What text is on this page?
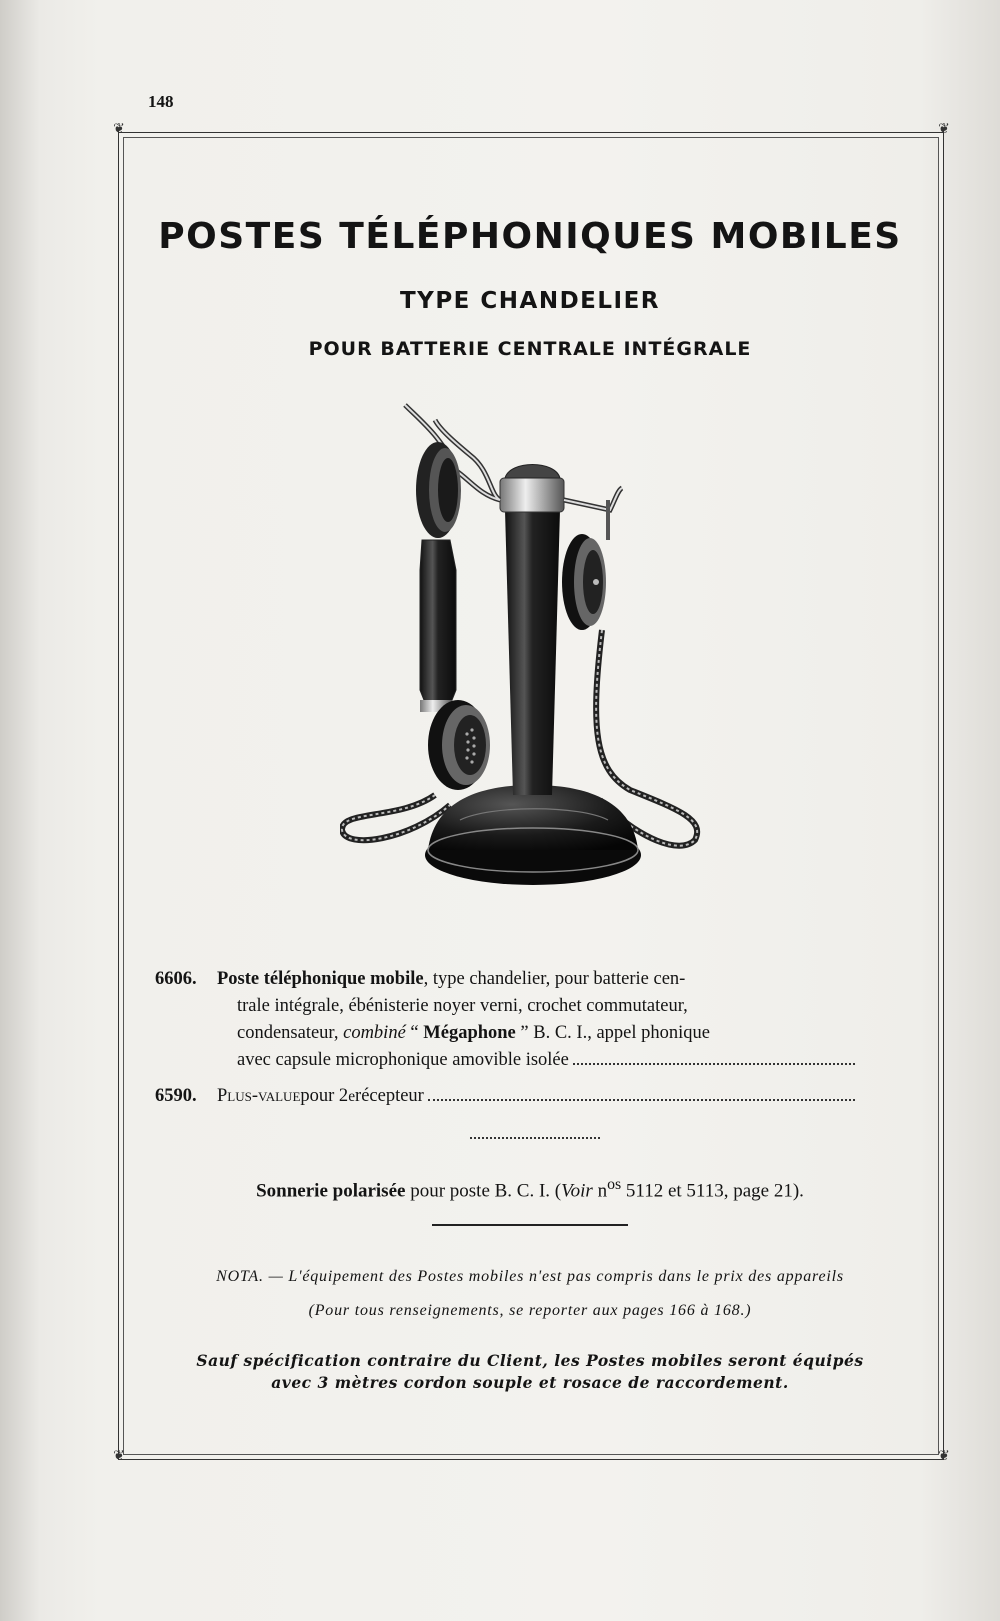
148
❦	❦
❦	❦
POSTES TÉLÉPHONIQUES MOBILES
TYPE CHANDELIER
POUR BATTERIE CENTRALE INTÉGRALE
6606. Poste téléphonique mobile, type chandelier, pour batterie cen-
trale intégrale, ébénisterie noyer verni, crochet commutateur,
condensateur, combiné “ Mégaphone ” B. C. I., appel phonique
avec capsule microphonique amovible isolée
6590.	Plus-value pour 2 e récepteur
Sonnerie polarisée pour poste B. C. I. (Voir $n^{os}$ 5112 et 5113, page 21).
NOTA. — L'équipement des Postes mobiles n'est pas compris dans le prix des appareils
(Pour tous renseignements, se reporter aux pages 166 à 168.)
Sauf spécification contraire du Client, les Postes mobiles seront équipés
avec 3 mètres cordon souple et rosace de raccordement.
